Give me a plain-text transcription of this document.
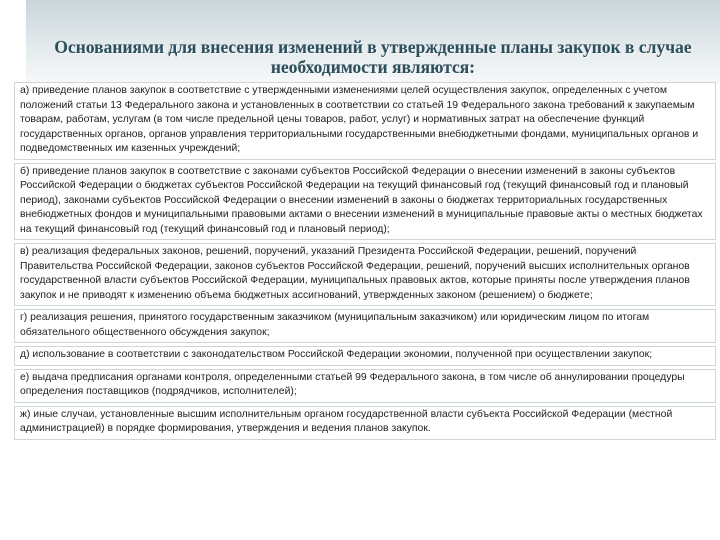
Основаниями для внесения изменений в утвержденные планы закупок в случае необходимости являются:
а) приведение планов закупок в соответствие с утвержденными изменениями целей осуществления закупок, определенных с учетом положений статьи 13 Федерального закона и установленных в соответствии со статьей 19 Федерального закона требований к закупаемым товарам, работам, услугам (в том числе предельной цены товаров, работ, услуг) и нормативных затрат на обеспечение функций государственных органов, органов управления территориальными государственными внебюджетными фондами, муниципальных органов и подведомственных им казенных учреждений;
б) приведение планов закупок в соответствие с законами субъектов Российской Федерации о внесении изменений в законы субъектов Российской Федерации о бюджетах субъектов Российской Федерации на текущий финансовый год (текущий финансовый год и плановый период), законами субъектов Российской Федерации о внесении изменений в законы о бюджетах территориальных государственных внебюджетных фондов и муниципальными правовыми актами о внесении изменений в муниципальные правовые акты о местных бюджетах на текущий финансовый год (текущий финансовый год и плановый период);
в) реализация федеральных законов, решений, поручений, указаний Президента Российской Федерации, решений, поручений Правительства Российской Федерации, законов субъектов Российской Федерации, решений, поручений высших исполнительных органов государственной власти субъектов Российской Федерации, муниципальных правовых актов, которые приняты после утверждения планов закупок и не приводят к изменению объема бюджетных ассигнований, утвержденных законом (решением) о бюджете;
г) реализация решения, принятого государственным заказчиком (муниципальным заказчиком) или юридическим лицом по итогам обязательного общественного обсуждения закупок;
д) использование в соответствии с законодательством Российской Федерации экономии, полученной при осуществлении закупок;
е) выдача предписания органами контроля, определенными статьей 99 Федерального закона, в том числе об аннулировании процедуры определения поставщиков (подрядчиков, исполнителей);
ж) иные случаи, установленные высшим исполнительным органом государственной власти субъекта Российской Федерации (местной администрацией) в порядке формирования, утверждения и ведения планов закупок.
